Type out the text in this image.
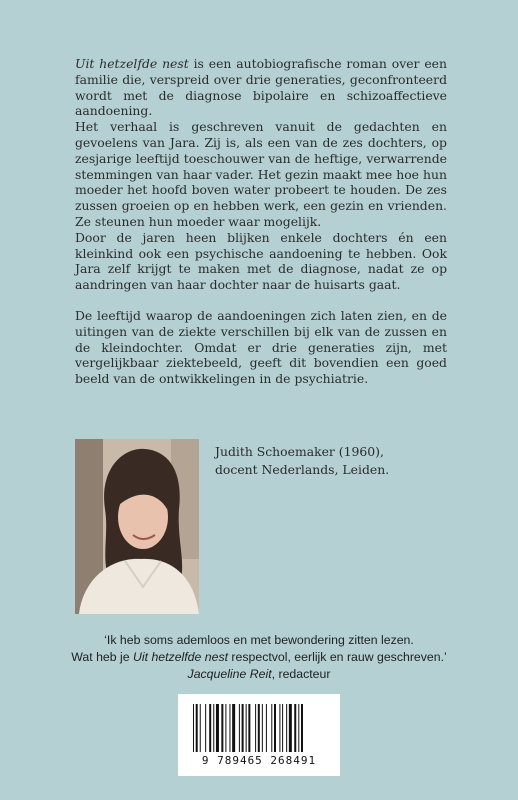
Uit hetzelfde nest is een autobiografische roman over een familie die, verspreid over drie generaties, geconfronteerd wordt met de diagnose bipolaire en schizoaffectieve aandoening.

Het verhaal is geschreven vanuit de gedachten en gevoelens van Jara. Zij is, als een van de zes dochters, op zesjarige leeftijd toeschouwer van de heftige, verwarrende stemmingen van haar vader. Het gezin maakt mee hoe hun moeder het hoofd boven water probeert te houden. De zes zussen groeien op en hebben werk, een gezin en vrienden. Ze steunen hun moeder waar mogelijk.

Door de jaren heen blijken enkele dochters én een kleinkind ook een psychische aandoening te hebben. Ook Jara zelf krijgt te maken met de diagnose, nadat ze op aandringen van haar dochter naar de huisarts gaat.

De leeftijd waarop de aandoeningen zich laten zien, en de uitingen van de ziekte verschillen bij elk van de zussen en de kleindochter. Omdat er drie generaties zijn, met vergelijkbaar ziektebeeld, geeft dit bovendien een goed beeld van de ontwikkelingen in de psychiatrie.

Judith Schoemaker (1960),

docent Nederlands, Leiden.

‘Ik heb soms ademloos en met bewondering zitten lezen.

Wat heb je Uit hetzelfde nest respectvol, eerlijk en rauw geschreven.’

Jacqueline Reit, redacteur

9 789465 268491
